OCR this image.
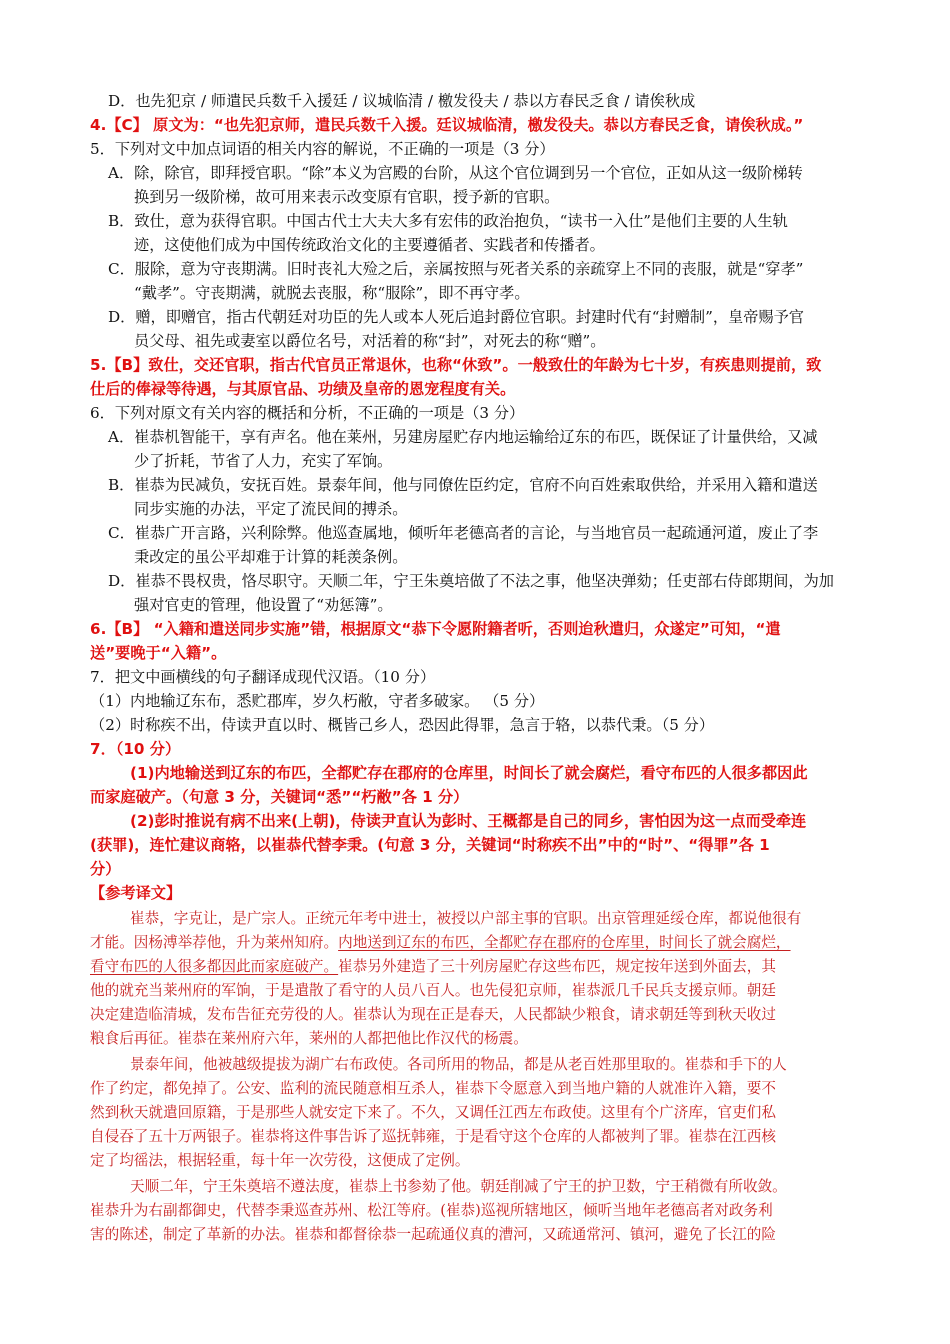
D．也先犯京 / 师遣民兵数千入援廷 / 议城临清 / 檄发役夫 / 恭以方春民乏食 / 请俟秋成
4.【C】 原文为：“也先犯京师，遣民兵数千入援。廷议城临清，檄发役夫。恭以方春民乏食，请俟秋成。”
5．下列对文中加点词语的相关内容的解说，不正确的一项是（3 分）
A．除，除官，即拜授官职。“除”本义为宫殿的台阶，从这个官位调到另一个官位，正如从这一级阶梯转
换到另一级阶梯，故可用来表示改变原有官职，授予新的官职。
B．致仕，意为获得官职。中国古代士大夫大多有宏伟的政治抱负，“读书一入仕”是他们主要的人生轨
迹，这使他们成为中国传统政治文化的主要遵循者、实践者和传播者。
C．服除，意为守丧期满。旧时丧礼大殓之后，亲属按照与死者关系的亲疏穿上不同的丧服，就是“穿孝”
“戴孝”。守丧期满，就脱去丧服，称“服除”，即不再守孝。
D．赠，即赠官，指古代朝廷对功臣的先人或本人死后追封爵位官职。封建时代有“封赠制”，皇帝赐予官
员父母、祖先或妻室以爵位名号，对活着的称“封”，对死去的称“赠”。
5.【B】致仕，交还官职，指古代官员正常退休，也称“休致”。一般致仕的年龄为七十岁，有疾患则提前，致
仕后的俸禄等待遇，与其原官品、功绩及皇帝的恩宠程度有关。
6．下列对原文有关内容的概括和分析，不正确的一项是（3 分）
A．崔恭机智能干，享有声名。他在莱州，另建房屋贮存内地运输给辽东的布匹，既保证了计量供给，又减
少了折耗，节省了人力，充实了军饷。
B．崔恭为民减负，安抚百姓。景泰年间，他与同僚佐臣约定，官府不向百姓索取供给，并采用入籍和遣送
同步实施的办法，平定了流民间的搏杀。
C．崔恭广开言路，兴利除弊。他巡查属地，倾听年老德高者的言论，与当地官员一起疏通河道，废止了李
秉改定的虽公平却难于计算的耗羡条例。
D．崔恭不畏权贵，恪尽职守。天顺二年，宁王朱奠培做了不法之事，他坚决弹劾；任吏部右侍郎期间，为加
强对官吏的管理，他设置了“劝惩簿”。
6.【B】 “入籍和遣送同步实施”错，根据原文“恭下令愿附籍者听，否则迨秋遣归，众遂定”可知，“遣
送”要晚于“入籍”。
7．把文中画横线的句子翻译成现代汉语。（10 分）
（1）内地输辽东布，悉贮郡库，岁久朽敝，守者多破家。 （5 分）
（2）时称疾不出，侍读尹直以时、概皆己乡人，恐因此得罪，急言于辂，以恭代秉。（5 分）
7．（10 分）
(1)内地输送到辽东的布匹，全都贮存在郡府的仓库里，时间长了就会腐烂，看守布匹的人很多都因此
而家庭破产。（句意 3 分，关键词“悉”“朽敝”各 1 分）
(2)彭时推说有病不出来(上朝)，侍读尹直认为彭时、王概都是自己的同乡，害怕因为这一点而受牵连
(获罪)，连忙建议商辂，以崔恭代替李秉。(句意 3 分，关键词“时称疾不出”中的“时”、“得罪”各 1
分）
【参考译文】
崔恭，字克让，是广宗人。正统元年考中进士，被授以户部主事的官职。出京管理延绥仓库，都说他很有
才能。因杨溥举荐他，升为莱州知府。内地送到辽东的布匹，全都贮存在郡府的仓库里，时间长了就会腐烂，
看守布匹的人很多都因此而家庭破产。崔恭另外建造了三十列房屋贮存这些布匹，规定按年送到外面去，其
他的就充当莱州府的军饷，于是遣散了看守的人员八百人。也先侵犯京师，崔恭派几千民兵支援京师。朝廷
决定建造临清城，发布告征充劳役的人。崔恭认为现在正是春天，人民都缺少粮食，请求朝廷等到秋天收过
粮食后再征。崔恭在莱州府六年，莱州的人都把他比作汉代的杨震。
景泰年间，他被越级提拔为湖广右布政使。各司所用的物品，都是从老百姓那里取的。崔恭和手下的人
作了约定，都免掉了。公安、监利的流民随意相互杀人，崔恭下令愿意入到当地户籍的人就准许入籍，要不
然到秋天就遣回原籍，于是那些人就安定下来了。不久，又调任江西左布政使。这里有个广济库，官吏们私
自侵吞了五十万两银子。崔恭将这件事告诉了巡抚韩雍，于是看守这个仓库的人都被判了罪。崔恭在江西核
定了均徭法，根据轻重，每十年一次劳役，这便成了定例。
天顺二年，宁王朱奠培不遵法度，崔恭上书参劾了他。朝廷削减了宁王的护卫数，宁王稍微有所收敛。
崔恭升为右副都御史，代替李秉巡查苏州、松江等府。(崔恭)巡视所辖地区，倾听当地年老德高者对政务利
害的陈述，制定了革新的办法。崔恭和都督徐恭一起疏通仪真的漕河，又疏通常河、镇河，避免了长江的险
